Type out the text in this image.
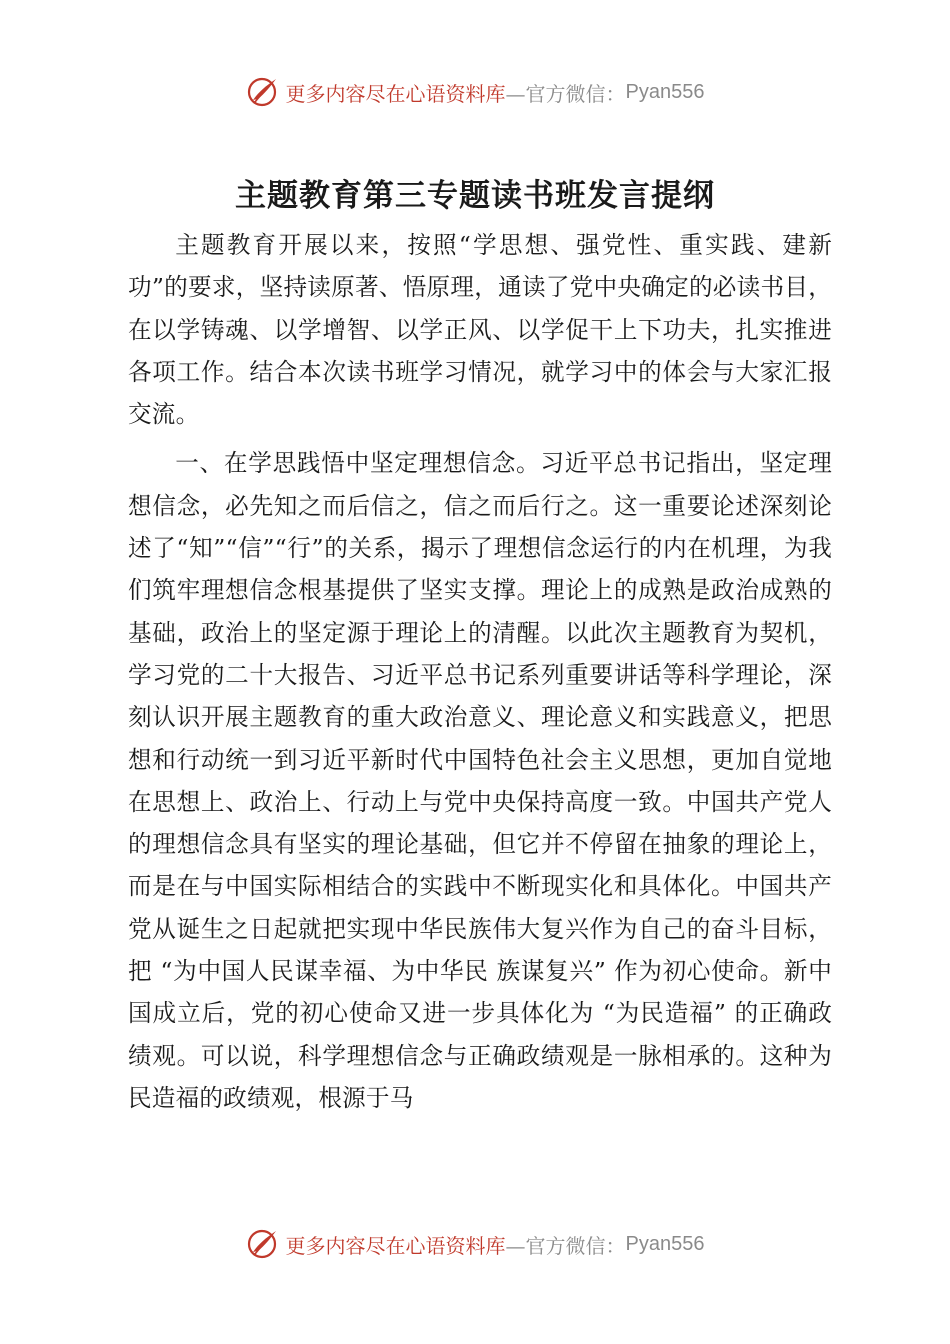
更多内容尽在心语资料库 —官方微信： Pyan556
主题教育第三专题读书班发言提纲

主题教育开展以来，按照“学思想、强党性、重实践、建新功”的要求，坚持读原著、悟原理，通读了党中央确定的必读书目，在以学铸魂、以学增智、以学正风、以学促干上下功夫，扎实推进各项工作。结合本次读书班学习情况，就学习中的体会与大家汇报交流。

一、在学思践悟中坚定理想信念。习近平总书记指出，坚定理想信念，必先知之而后信之，信之而后行之。这一重要论述深刻论述了“知”“信”“行”的关系，揭示了理想信念运行的内在机理，为我们筑牢理想信念根基提供了坚实支撑。理论上的成熟是政治成熟的基础，政治上的坚定源于理论上的清醒。以此次主题教育为契机，学习党的二十大报告、习近平总书记系列重要讲话等科学理论，深刻认识开展主题教育的重大政治意义、理论意义和实践意义，把思想和行动统一到习近平新时代中国特色社会主义思想，更加自觉地在思想上、政治上、行动上与党中央保持高度一致。中国共产党人的理想信念具有坚实的理论基础，但它并不停留在抽象的理论上，而是在与中国实际相结合的实践中不断现实化和具体化。中国共产党从诞生之日起就把实现中华民族伟大复兴作为自己的奋斗目标，把 “为中国人民谋幸福、为中华民 族谋复兴” 作为初心使命。新中国成立后，党的初心使命又进一步具体化为 “为民造福” 的正确政绩观。可以说，科学理想信念与正确政绩观是一脉相承的。这种为民造福的政绩观，根源于马

更多内容尽在心语资料库 —官方微信： Pyan556
